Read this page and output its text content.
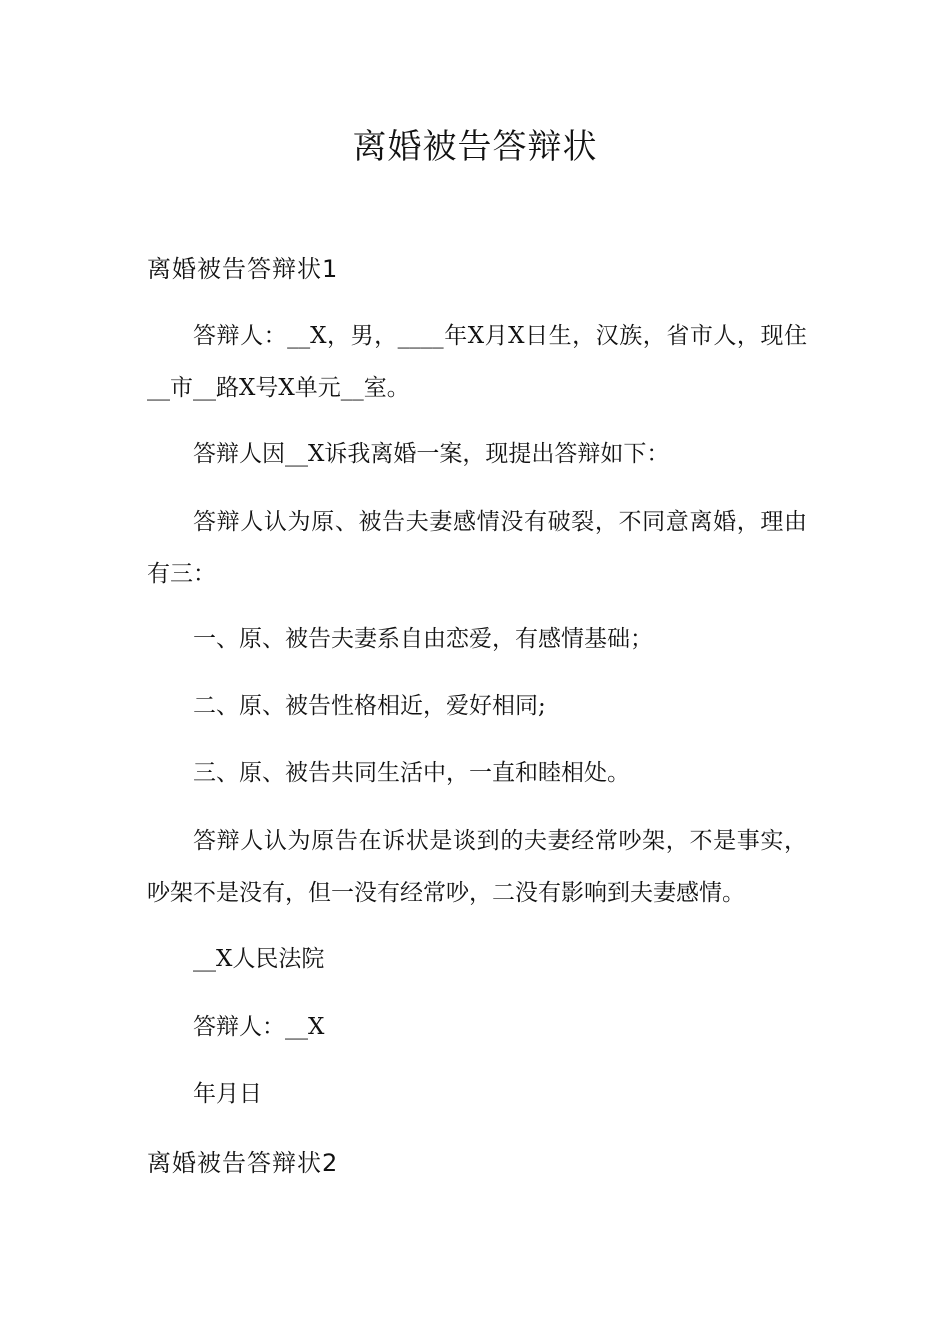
离婚被告答辩状
离婚被告答辩状1
答辩人：__X，男，____年X月X日生，汉族，省市人，现住__市__路X号X单元__室。
答辩人因__X诉我离婚一案，现提出答辩如下：
答辩人认为原、被告夫妻感情没有破裂，不同意离婚，理由有三：
一、原、被告夫妻系自由恋爱，有感情基础；
二、原、被告性格相近，爱好相同;
三、原、被告共同生活中，一直和睦相处。
答辩人认为原告在诉状是谈到的夫妻经常吵架，不是事实，吵架不是没有，但一没有经常吵，二没有影响到夫妻感情。
__X人民法院
答辩人：__X
年月日
离婚被告答辩状2
